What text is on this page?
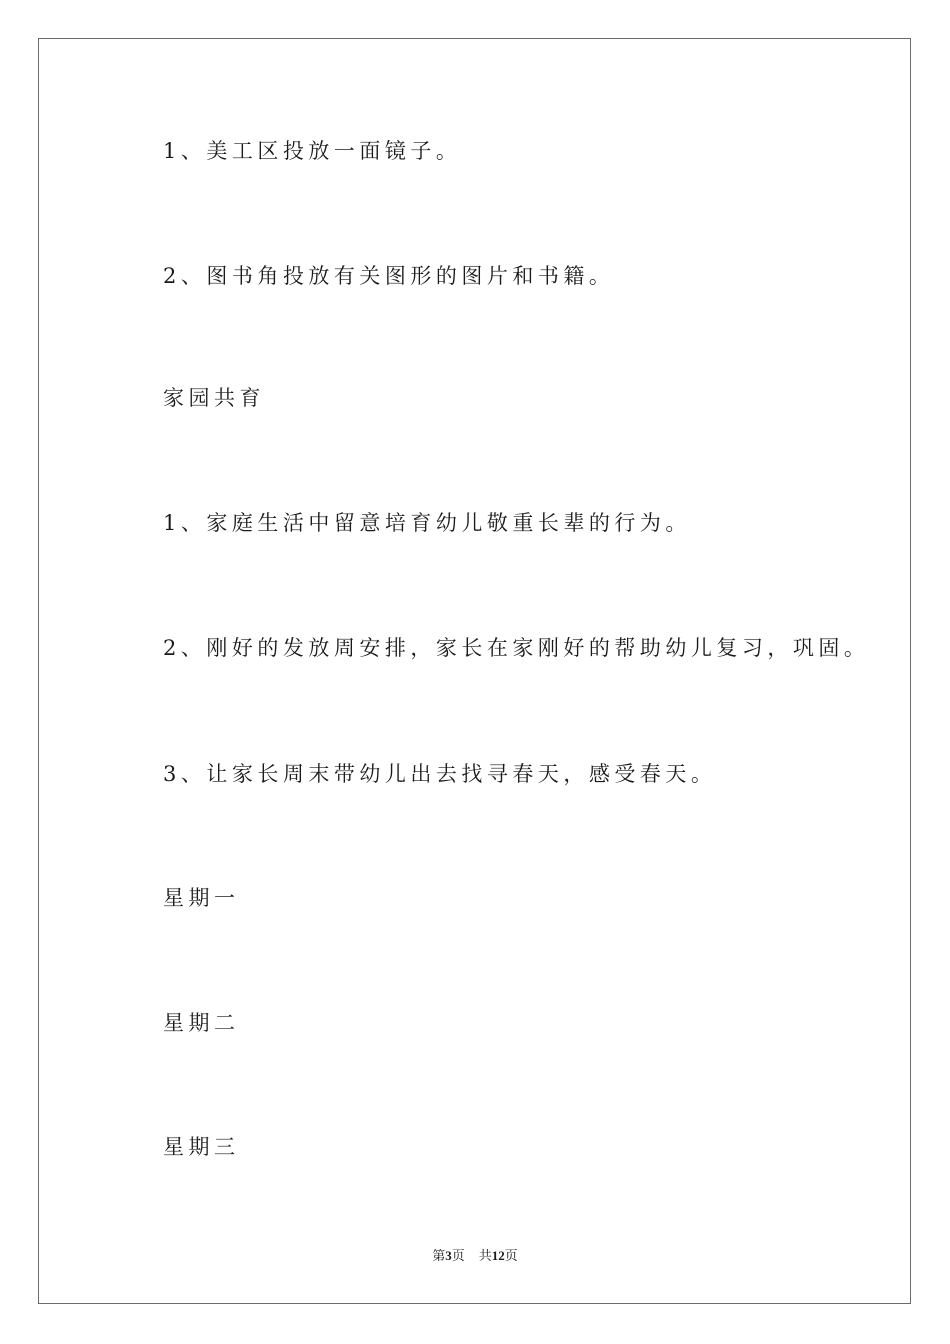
1、美工区投放一面镜子。
2、图书角投放有关图形的图片和书籍。
家园共育
1、家庭生活中留意培育幼儿敬重长辈的行为。
2、刚好的发放周安排，家长在家刚好的帮助幼儿复习，巩固。
3、让家长周末带幼儿出去找寻春天，感受春天。
星期一
星期二
星期三
第3页 共12页
